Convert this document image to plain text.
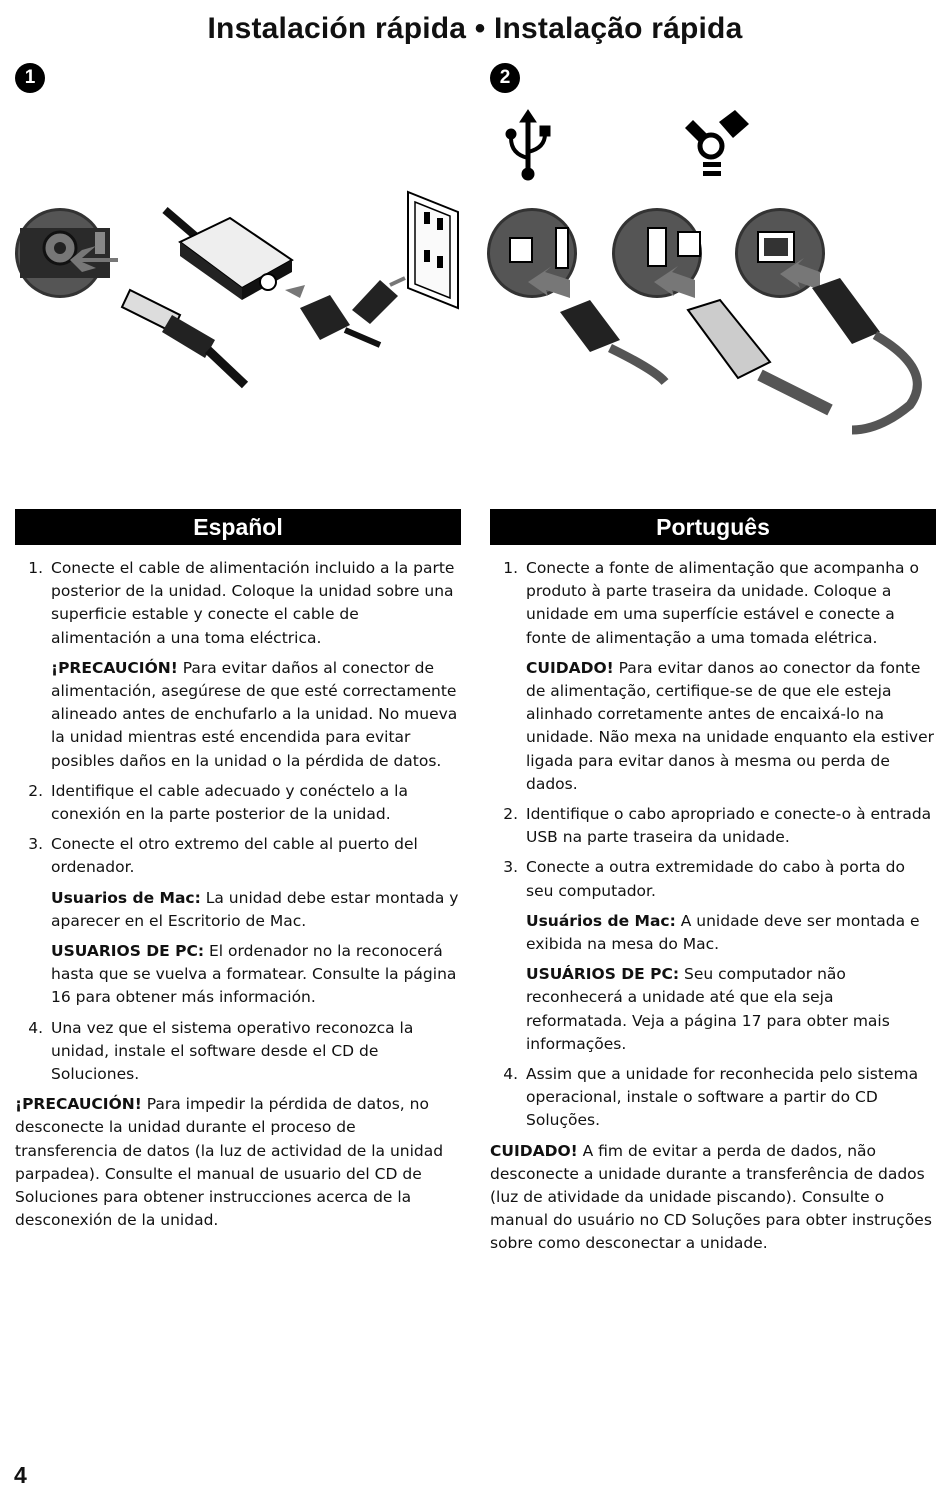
Instalación rápida • Instalação rápida
1	2
Español
1. Conecte el cable de alimentación incluido a la parte posterior de la unidad. Coloque la unidad sobre una superficie estable y conecte el cable de alimentación a una toma eléctrica.
¡PRECAUCIÓN! Para evitar daños al conector de alimentación, asegúrese de que esté correctamente alineado antes de enchufarlo a la unidad. No mueva la unidad mientras esté encendida para evitar posibles daños en la unidad o la pérdida de datos.
2. Identifique el cable adecuado y conéctelo a la conexión en la parte posterior de la unidad.
3. Conecte el otro extremo del cable al puerto del ordenador.
Usuarios de Mac: La unidad debe estar montada y aparecer en el Escritorio de Mac.
USUARIOS DE PC: El ordenador no la reconocerá hasta que se vuelva a formatear. Consulte la página 16 para obtener más información.
4. Una vez que el sistema operativo reconozca la unidad, instale el software desde el CD de Soluciones.
¡PRECAUCIÓN! Para impedir la pérdida de datos, no desconecte la unidad durante el proceso de transferencia de datos (la luz de actividad de la unidad parpadea). Consulte el manual de usuario del CD de Soluciones para obtener instrucciones acerca de la desconexión de la unidad.
Português
1. Conecte a fonte de alimentação que acompanha o produto à parte traseira da unidade. Coloque a unidade em uma superfície estável e conecte a fonte de alimentação a uma tomada elétrica.
CUIDADO! Para evitar danos ao conector da fonte de alimentação, certifique-se de que ele esteja alinhado corretamente antes de encaixá-lo na unidade. Não mexa na unidade enquanto ela estiver ligada para evitar danos à mesma ou perda de dados.
2. Identifique o cabo apropriado e conecte-o à entrada USB na parte traseira da unidade.
3. Conecte a outra extremidade do cabo à porta do seu computador.
Usuários de Mac: A unidade deve ser montada e exibida na mesa do Mac.
USUÁRIOS DE PC: Seu computador não reconhecerá a unidade até que ela seja reformatada. Veja a página 17 para obter mais informações.
4. Assim que a unidade for reconhecida pelo sistema operacional, instale o software a partir do CD Soluções.
CUIDADO! A fim de evitar a perda de dados, não desconecte a unidade durante a transferência de dados (luz de atividade da unidade piscando). Consulte o manual do usuário no CD Soluções para obter instruções sobre como desconectar a unidade.
4
